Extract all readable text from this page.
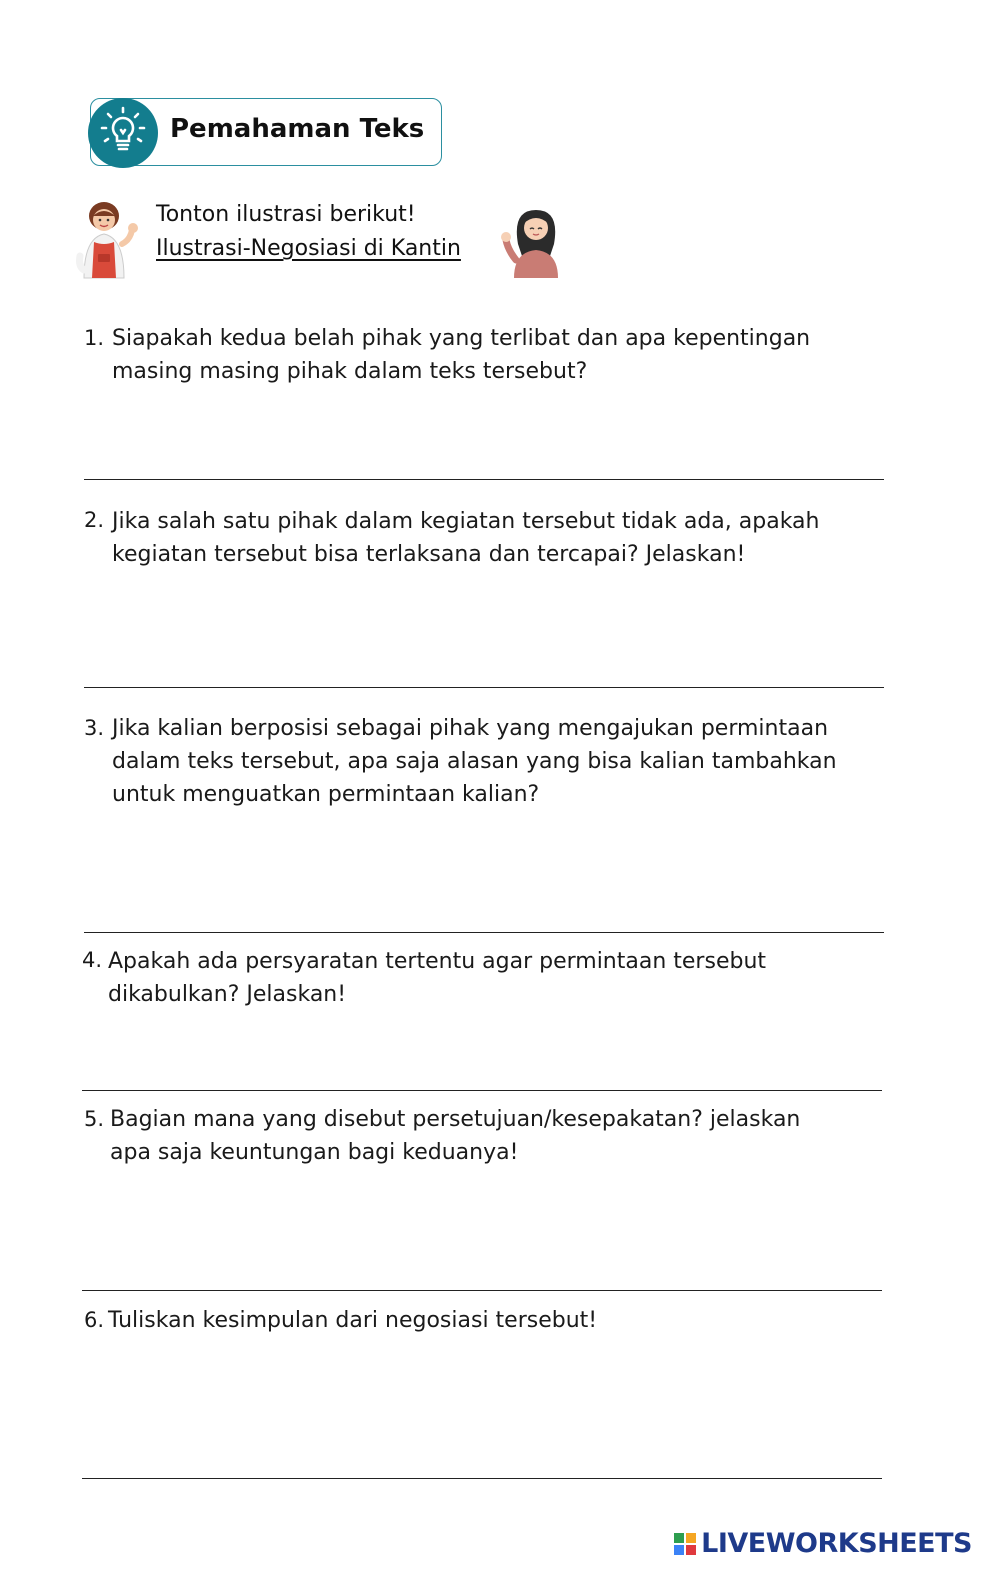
Pemahaman Teks
Tonton ilustrasi berikut!
Ilustrasi-Negosiasi di Kantin
1. Siapakah kedua belah pihak yang terlibat dan apa kepentingan
masing masing pihak dalam teks tersebut?
2. Jika salah satu pihak dalam kegiatan tersebut tidak ada, apakah
kegiatan tersebut bisa terlaksana dan tercapai? Jelaskan!
3. Jika kalian berposisi sebagai pihak yang mengajukan permintaan
dalam teks tersebut, apa saja alasan yang bisa kalian tambahkan
untuk menguatkan permintaan kalian?
4. Apakah ada persyaratan tertentu agar permintaan tersebut
dikabulkan? Jelaskan!
5. Bagian mana yang disebut persetujuan/kesepakatan? jelaskan
apa saja keuntungan bagi keduanya!
6. Tuliskan kesimpulan dari negosiasi tersebut!
LIVEWORKSHEETS
